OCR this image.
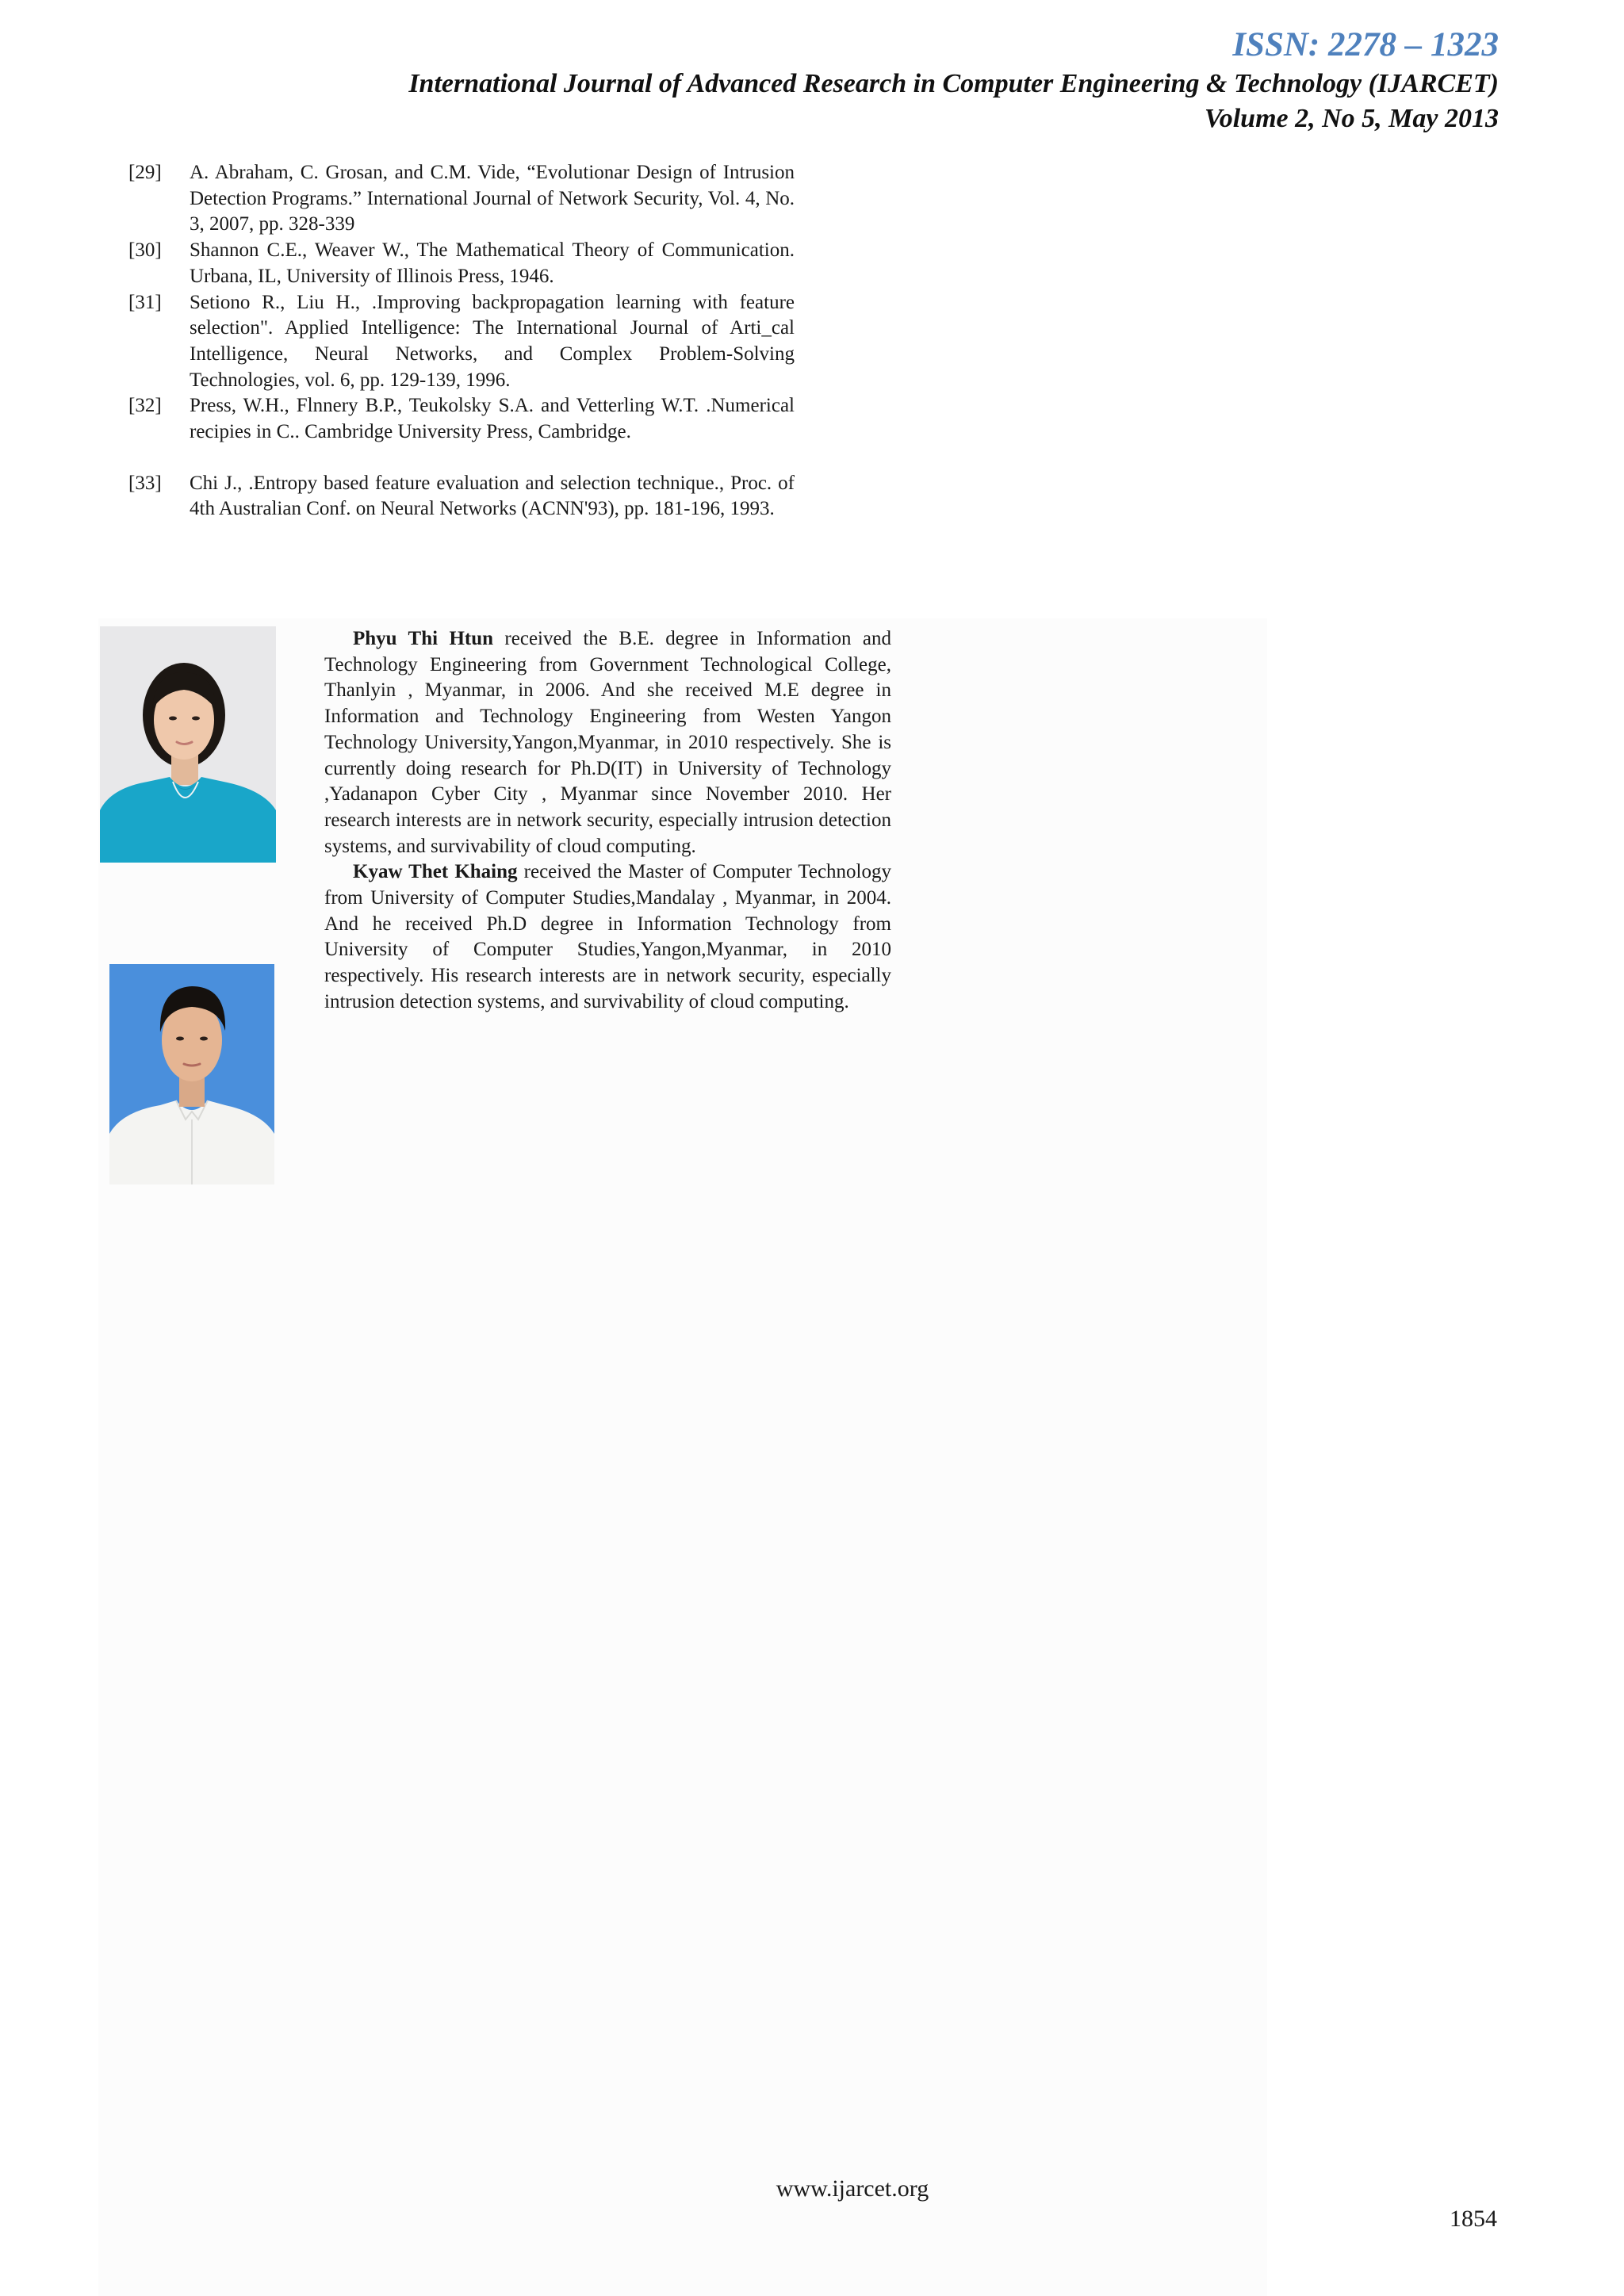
ISSN: 2278 – 1323
International Journal of Advanced Research in Computer Engineering & Technology (IJARCET)
Volume 2, No 5, May 2013
[29] A. Abraham, C. Grosan, and C.M. Vide, “Evolutionar Design of Intrusion Detection Programs.” International Journal of Network Security, Vol. 4, No. 3, 2007, pp. 328-339
[30] Shannon C.E., Weaver W., The Mathematical Theory of Communication. Urbana, IL, University of Illinois Press, 1946.
[31] Setiono R., Liu H., .Improving backpropagation learning with feature selection". Applied Intelligence: The International Journal of Arti_cal Intelligence, Neural Networks, and Complex Problem-Solving Technologies, vol. 6, pp. 129-139, 1996.
[32] Press, W.H., Flnnery B.P., Teukolsky S.A. and Vetterling W.T. .Numerical recipies in C.. Cambridge University Press, Cambridge.
[33] Chi J., .Entropy based feature evaluation and selection technique., Proc. of 4th Australian Conf. on Neural Networks (ACNN'93), pp. 181-196, 1993.

Phyu Thi Htun received the B.E. degree in Information and Technology Engineering from Government Technological College, Thanlyin , Myanmar, in 2006. And she received M.E degree in Information and Technology Engineering from Westen Yangon Technology University,Yangon,Myanmar, in 2010 respectively. She is currently doing research for Ph.D(IT) in University of Technology ,Yadanapon Cyber City , Myanmar since November 2010. Her research interests are in network security, especially intrusion detection systems, and survivability of cloud computing.

Kyaw Thet Khaing received the Master of Computer Technology from University of Computer Studies,Mandalay , Myanmar, in 2004. And he received Ph.D degree in Information Technology from University of Computer Studies,Yangon,Myanmar, in 2010 respectively. His research interests are in network security, especially intrusion detection systems, and survivability of cloud computing.

www.ijarcet.org
1854
